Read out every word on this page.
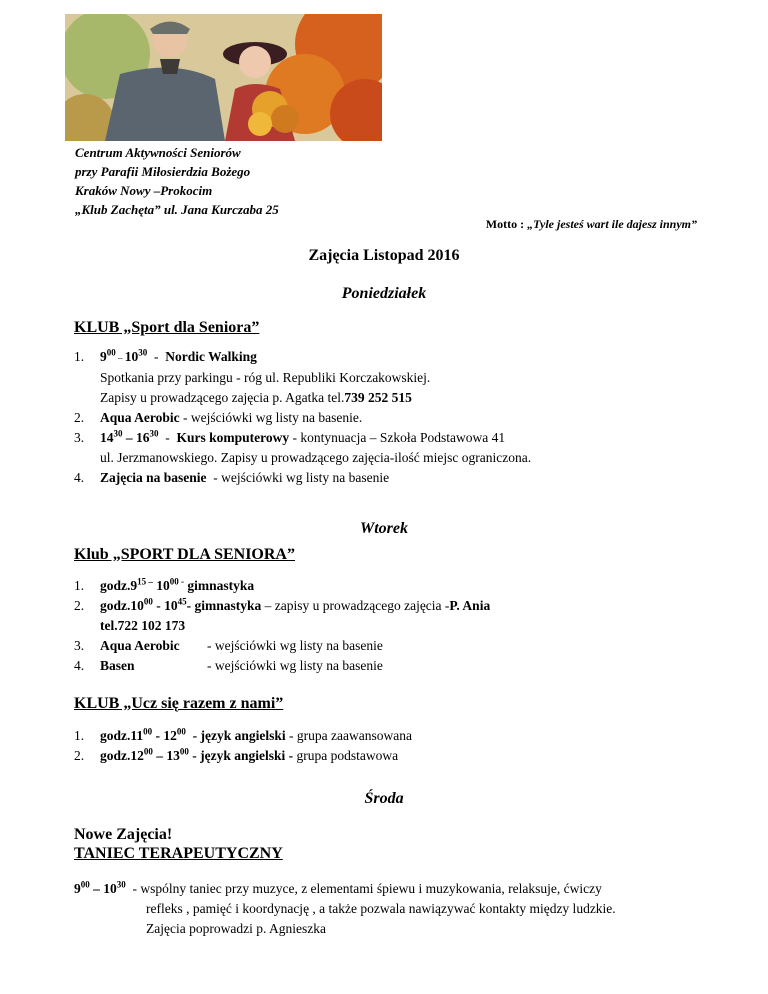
Centrum Aktywności Seniorów
przy Parafii Miłosierdzia Bożego
Kraków Nowy –Prokocim
„Klub Zachęta” ul. Jana Kurczaba 25
Motto : „Tyle jesteś wart ile dajesz innym”
Zajęcia Listopad 2016
Poniedziałek
KLUB „Sport dla Seniora”
1. $9^{00} - 10^{30}$  -  Nordic Walking
Spotkania przy parkingu - róg ul. Republiki Korczakowskiej.
Zapisy u prowadzącego zajęcia p. Agatka tel.739 252 515
2. Aqua Aerobic - wejściówki wg listy na basenie.
3. $14^{30} - 16^{30}$  -  Kurs komputerowy - kontynuacja – Szkoła Podstawowa 41
ul. Jerzmanowskiego. Zapisy u prowadzącego zajęcia-ilość miejsc ograniczona.
4. Zajęcia na basenie  - wejściówki wg listy na basenie
Wtorek
Klub „SPORT DLA SENIORA”
1. $godz.9^{15 -}$ $10^{00 -}$ gimnastyka
2. $godz.10^{00} - 10^{45}-$ gimnastyka – zapisy u prowadzącego zajęcia -P. Ania
tel.722 102 173
3. Aqua Aerobic - wejściówki wg listy na basenie
4. Basen	- wejściówki wg listy na basenie
KLUB „Ucz się razem z nami”
1. $godz.11^{00} - 12^{00}$  - język angielski - grupa zaawansowana
2. $godz.12^{00} - 13^{00}$ - język angielski - grupa podstawowa
Środa
Nowe Zajęcia!
TANIEC TERAPEUTYCZNY
$9^{00} - 10^{30}$  - wspólny taniec przy muzyce, z elementami śpiewu i muzykowania, relaksuje, ćwiczy
refleks , pamięć i koordynację , a także pozwala nawiązywać kontakty między ludzkie.
Zajęcia poprowadzi p. Agnieszka
